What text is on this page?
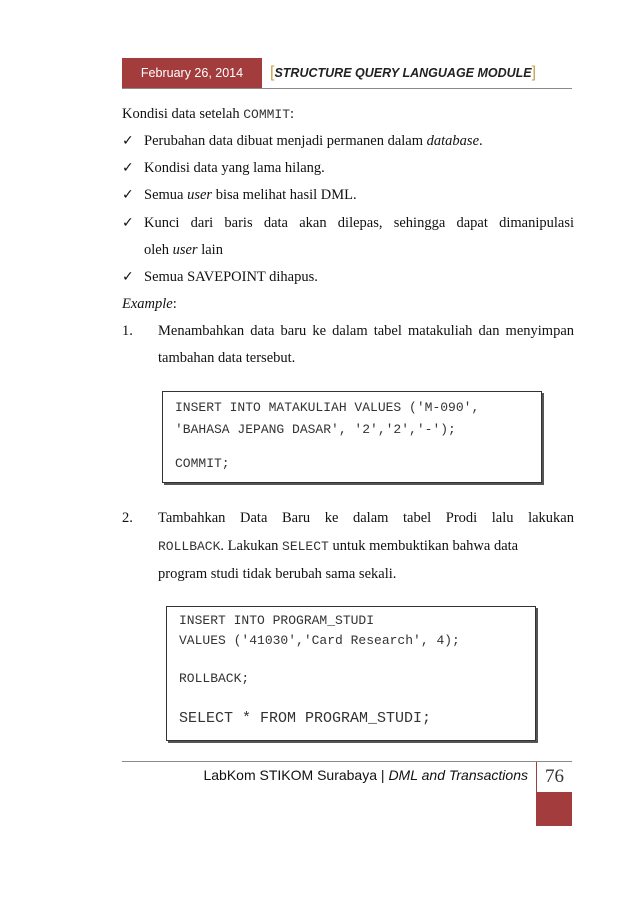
February 26, 2014	[STRUCTURE QUERY LANGUAGE MODULE]
Kondisi data setelah COMMIT:
✓ Perubahan data dibuat menjadi permanen dalam database.
✓ Kondisi data yang lama hilang.
✓ Semua user bisa melihat hasil DML.
✓ Kunci dari baris data akan dilepas, sehingga dapat dimanipulasi
oleh user lain
✓ Semua SAVEPOINT dihapus.
Example:
1. Menambahkan data baru ke dalam tabel matakuliah dan menyimpan
tambahan data tersebut.
INSERT INTO MATAKULIAH VALUES ('M-090',
'BAHASA JEPANG DASAR', '2','2','-');
COMMIT;
2. Tambahkan Data Baru ke dalam tabel Prodi lalu lakukan
ROLLBACK. Lakukan SELECT untuk membuktikan bahwa data
program studi tidak berubah sama sekali.
INSERT INTO PROGRAM_STUDI
VALUES ('41030','Card Research', 4);
ROLLBACK;
SELECT * FROM PROGRAM_STUDI;
LabKom STIKOM Surabaya | DML and Transactions 76
